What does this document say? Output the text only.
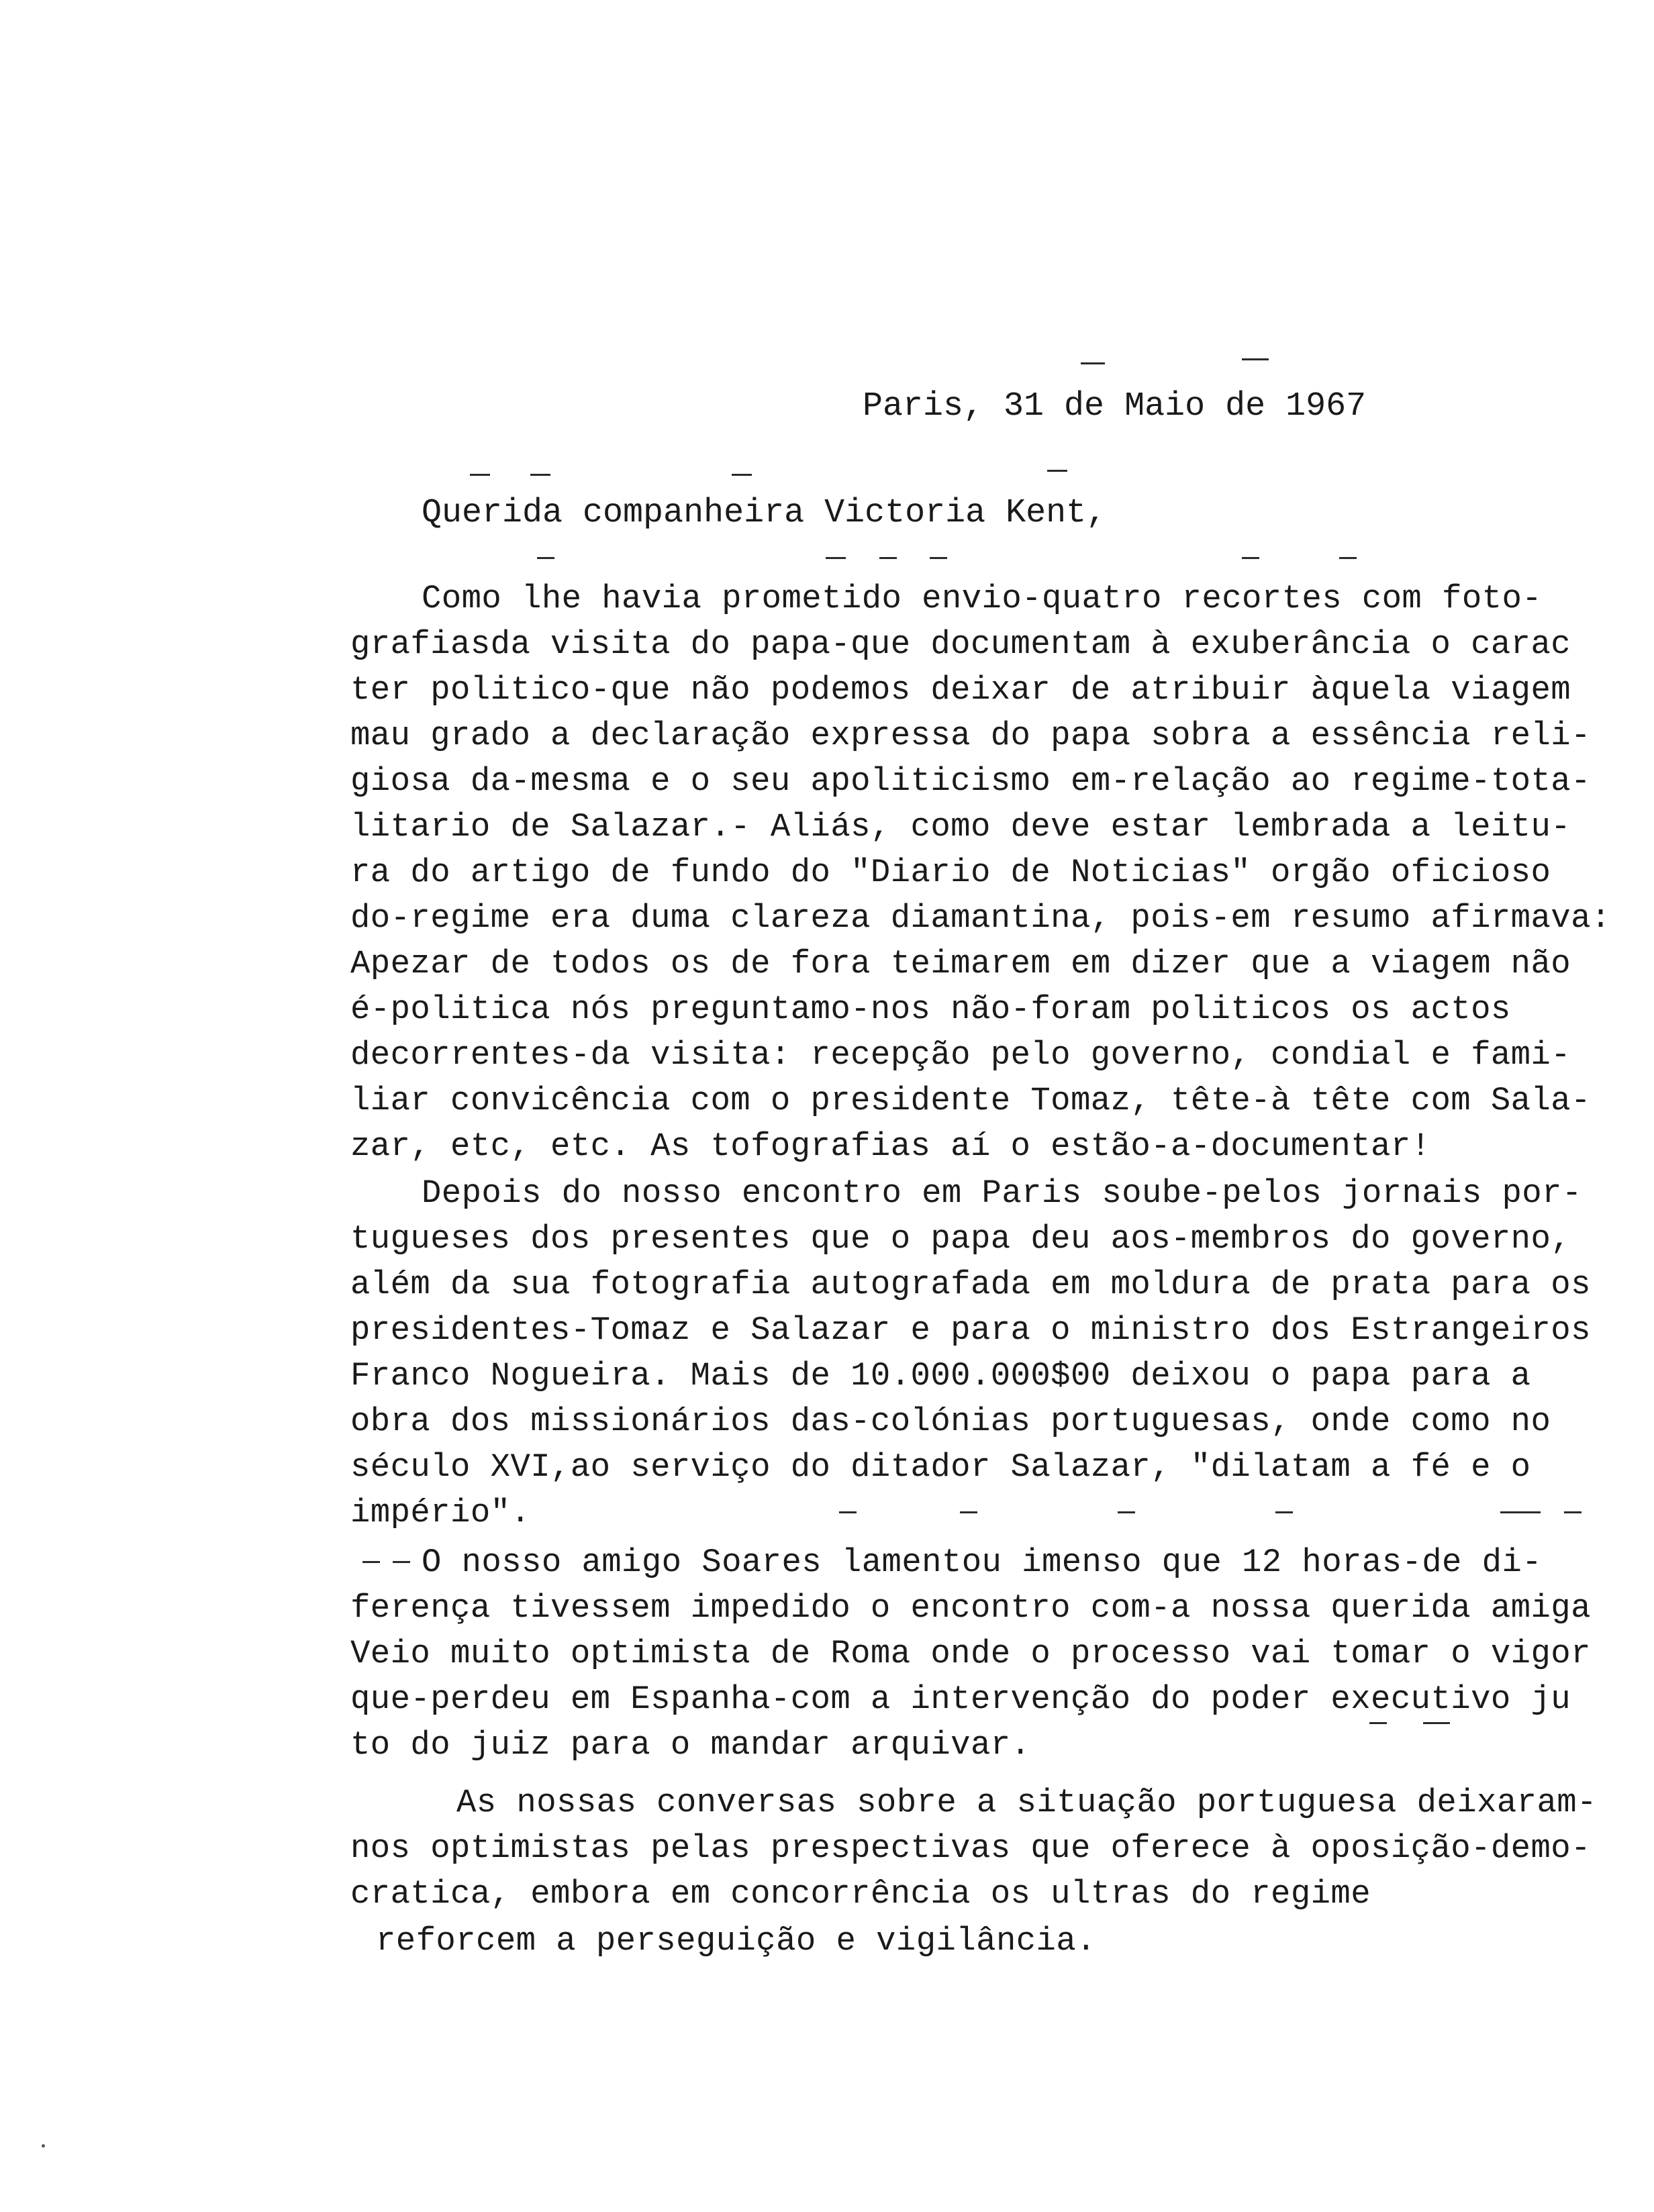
Paris, 31 de Maio de 1967
Querida companheira Victoria Kent,
Como lhe havia prometido envio-quatro recortes com foto-
grafiasda visita do papa-que documentam à exuberância o carac
ter politico-que não podemos deixar de atribuir àquela viagem
mau grado a declaração expressa do papa sobra a essência reli-
giosa da-mesma e o seu apoliticismo em-relação ao regime-tota-
litario de Salazar.- Aliás, como deve estar lembrada a leitu-
ra do artigo de fundo do "Diario de Noticias" orgão oficioso
do-regime era duma clareza diamantina, pois-em resumo afirmava:
Apezar de todos os de fora teimarem em dizer que a viagem não
é-politica nós preguntamo-nos não-foram politicos os actos
decorrentes-da visita: recepção pelo governo, condial e fami-
liar convicência com o presidente Tomaz, tête-à tête com Sala-
zar, etc, etc. As tofografias aí o estão-a-documentar!
Depois do nosso encontro em Paris soube-pelos jornais por-
tugueses dos presentes que o papa deu aos-membros do governo,
além da sua fotografia autografada em moldura de prata para os
presidentes-Tomaz e Salazar e para o ministro dos Estrangeiros
Franco Nogueira. Mais de 10.000.000$00 deixou o papa para a
obra dos missionários das-colónias portuguesas, onde como no
século XVI,ao serviço do ditador Salazar, "dilatam a fé e o
império".
O nosso amigo Soares lamentou imenso que 12 horas-de di-
ferença tivessem impedido o encontro com-a nossa querida amiga
Veio muito optimista de Roma onde o processo vai tomar o vigor
que-perdeu em Espanha-com a intervenção do poder executivo ju
to do juiz para o mandar arquivar.
As nossas conversas sobre a situação portuguesa deixaram-
nos optimistas pelas prespectivas que oferece à oposição-demo-
cratica, embora em concorrência os ultras do regime
reforcem a perseguição e vigilância.
